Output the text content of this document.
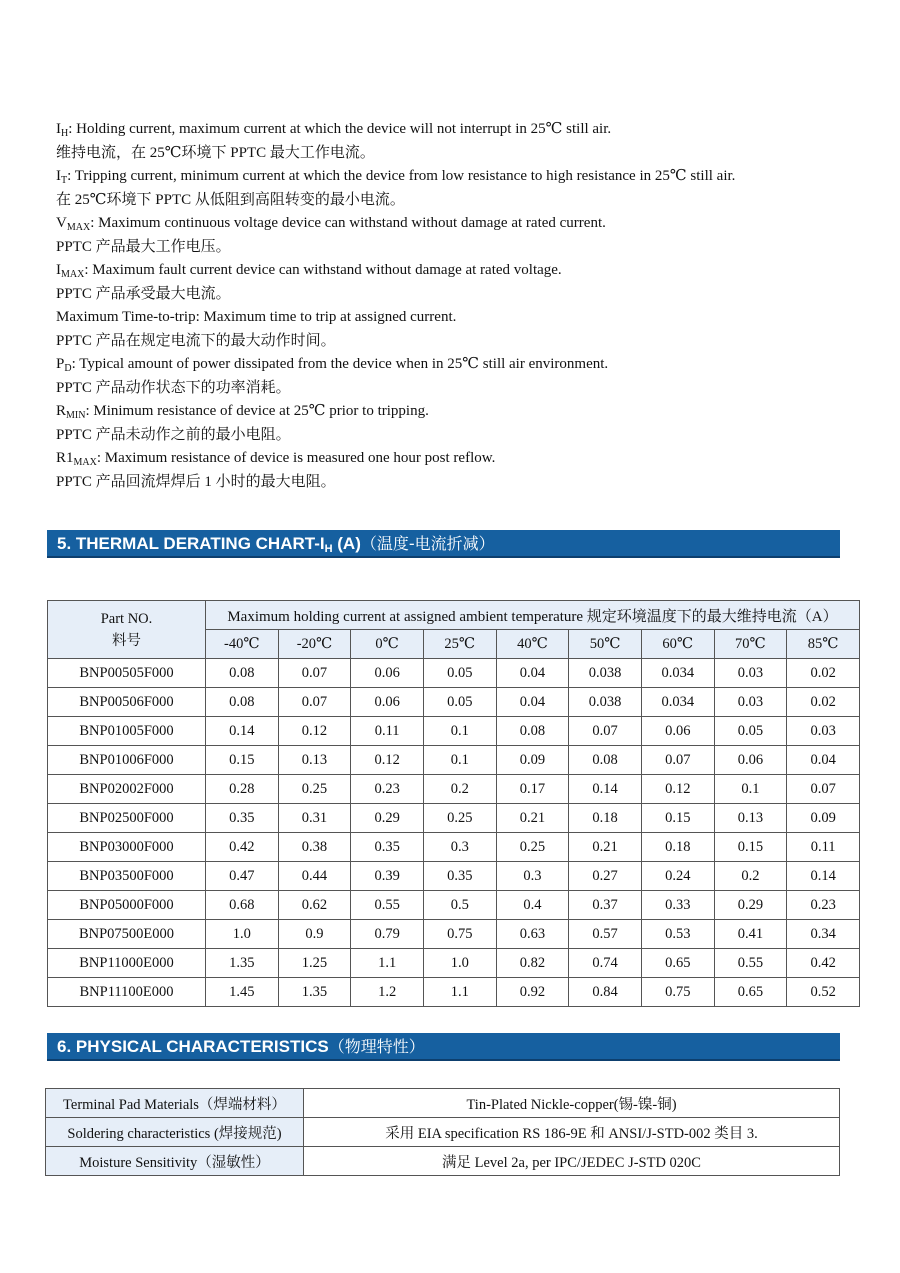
$I_H$: Holding current, maximum current at which the device will not interrupt in 25℃ still air.
维持电流，在 25℃环境下 PPTC 最大工作电流。
$I_T$: Tripping current, minimum current at which the device from low resistance to high resistance in 25℃ still air.
在 25℃环境下 PPTC 从低阻到高阻转变的最小电流。
$V_{MAX}$: Maximum continuous voltage device can withstand without damage at rated current.
PPTC 产品最大工作电压。
$I_{MAX}$: Maximum fault current device can withstand without damage at rated voltage.
PPTC 产品承受最大电流。
Maximum Time-to-trip: Maximum time to trip at assigned current.
PPTC 产品在规定电流下的最大动作时间。
$P_D$: Typical amount of power dissipated from the device when in 25℃ still air environment.
PPTC 产品动作状态下的功率消耗。
$R_{MIN}$: Minimum resistance of device at 25℃ prior to tripping.
PPTC 产品未动作之前的最小电阻。
$R1_{MAX}$: Maximum resistance of device is measured one hour post reflow.
PPTC 产品回流焊焊后 1 小时的最大电阻。
5. THERMAL DERATING CHART-$I_H$ (A)（温度-电流折减）
Part NO.
料号	Maximum holding current at assigned ambient temperature 规定环境温度下的最大维持电流（A）								
	-40℃	-20℃	0℃	25℃	40℃	50℃	60℃	70℃	85℃
BNP00505F000	0.08	0.07	0.06	0.05	0.04	0.038	0.034	0.03	0.02
BNP00506F000	0.08	0.07	0.06	0.05	0.04	0.038	0.034	0.03	0.02
BNP01005F000	0.14	0.12	0.11	0.1	0.08	0.07	0.06	0.05	0.03
BNP01006F000	0.15	0.13	0.12	0.1	0.09	0.08	0.07	0.06	0.04
BNP02002F000	0.28	0.25	0.23	0.2	0.17	0.14	0.12	0.1	0.07
BNP02500F000	0.35	0.31	0.29	0.25	0.21	0.18	0.15	0.13	0.09
BNP03000F000	0.42	0.38	0.35	0.3	0.25	0.21	0.18	0.15	0.11
BNP03500F000	0.47	0.44	0.39	0.35	0.3	0.27	0.24	0.2	0.14
BNP05000F000	0.68	0.62	0.55	0.5	0.4	0.37	0.33	0.29	0.23
BNP07500E000	1.0	0.9	0.79	0.75	0.63	0.57	0.53	0.41	0.34
BNP11000E000	1.35	1.25	1.1	1.0	0.82	0.74	0.65	0.55	0.42
BNP11100E000	1.45	1.35	1.2	1.1	0.92	0.84	0.75	0.65	0.52
6. PHYSICAL CHARACTERISTICS（物理特性）
Terminal Pad Materials（焊端材料）	Tin-Plated Nickle-copper(锡-镍-铜)
Soldering characteristics (焊接规范)	采用 EIA specification RS 186-9E 和 ANSI/J-STD-002 类目 3.
Moisture Sensitivity（湿敏性）	满足 Level 2a, per IPC/JEDEC J-STD 020C
